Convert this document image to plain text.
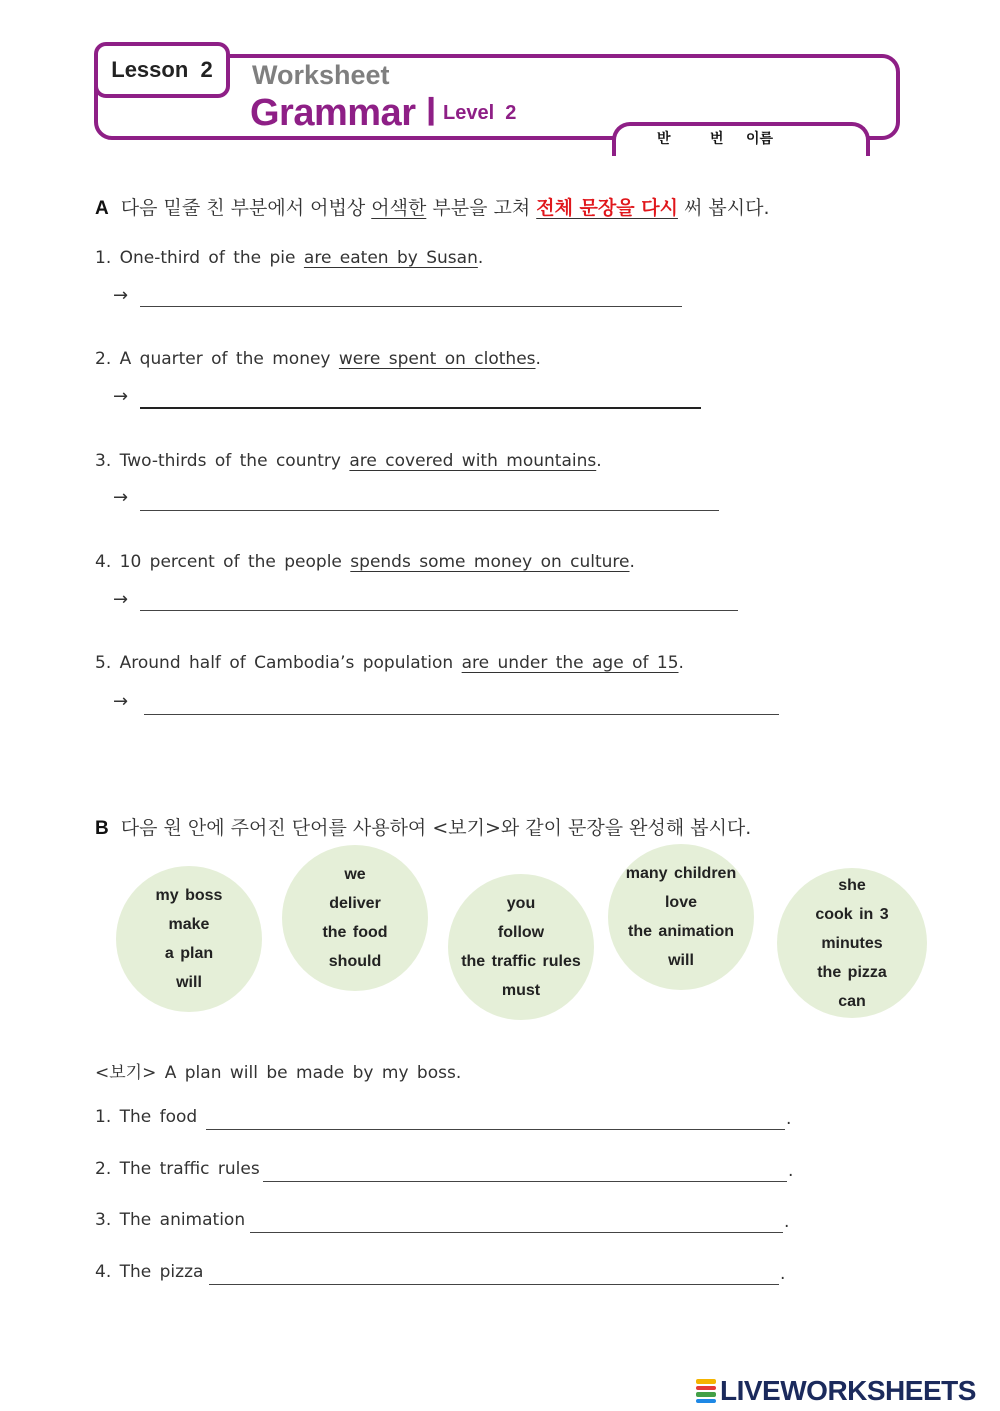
Lesson  2 Worksheet
Grammar Ⅰ Level  2
반	번 이름
A 다음 밑줄 친 부분에서 어법상 어색한 부분을 고쳐 전체 문장을 다시 써 봅시다.
1. One-third of the pie are eaten by Susan.
→
2. A quarter of the money were spent on clothes.
→
3. Two-thirds of the country are covered with mountains.
→
4. 10 percent of the people spends some money on culture.
→
5. Around half of Cambodia’s population are under the age of 15.
→
B 다음 원 안에 주어진 단어를 사용하여 <보기>와 같이 문장을 완성해 봅시다.
my boss
make
a plan
will
we
deliver
the food
should
you
follow
the traffic rules
must
many children
love
the animation
will
she
cook in 3
minutes
the pizza
can
<보기> A plan will be made by my boss.
1. The food	.
2. The traffic rules	.
3. The animation	.
4. The pizza	.
LIVEWORKSHEETS
